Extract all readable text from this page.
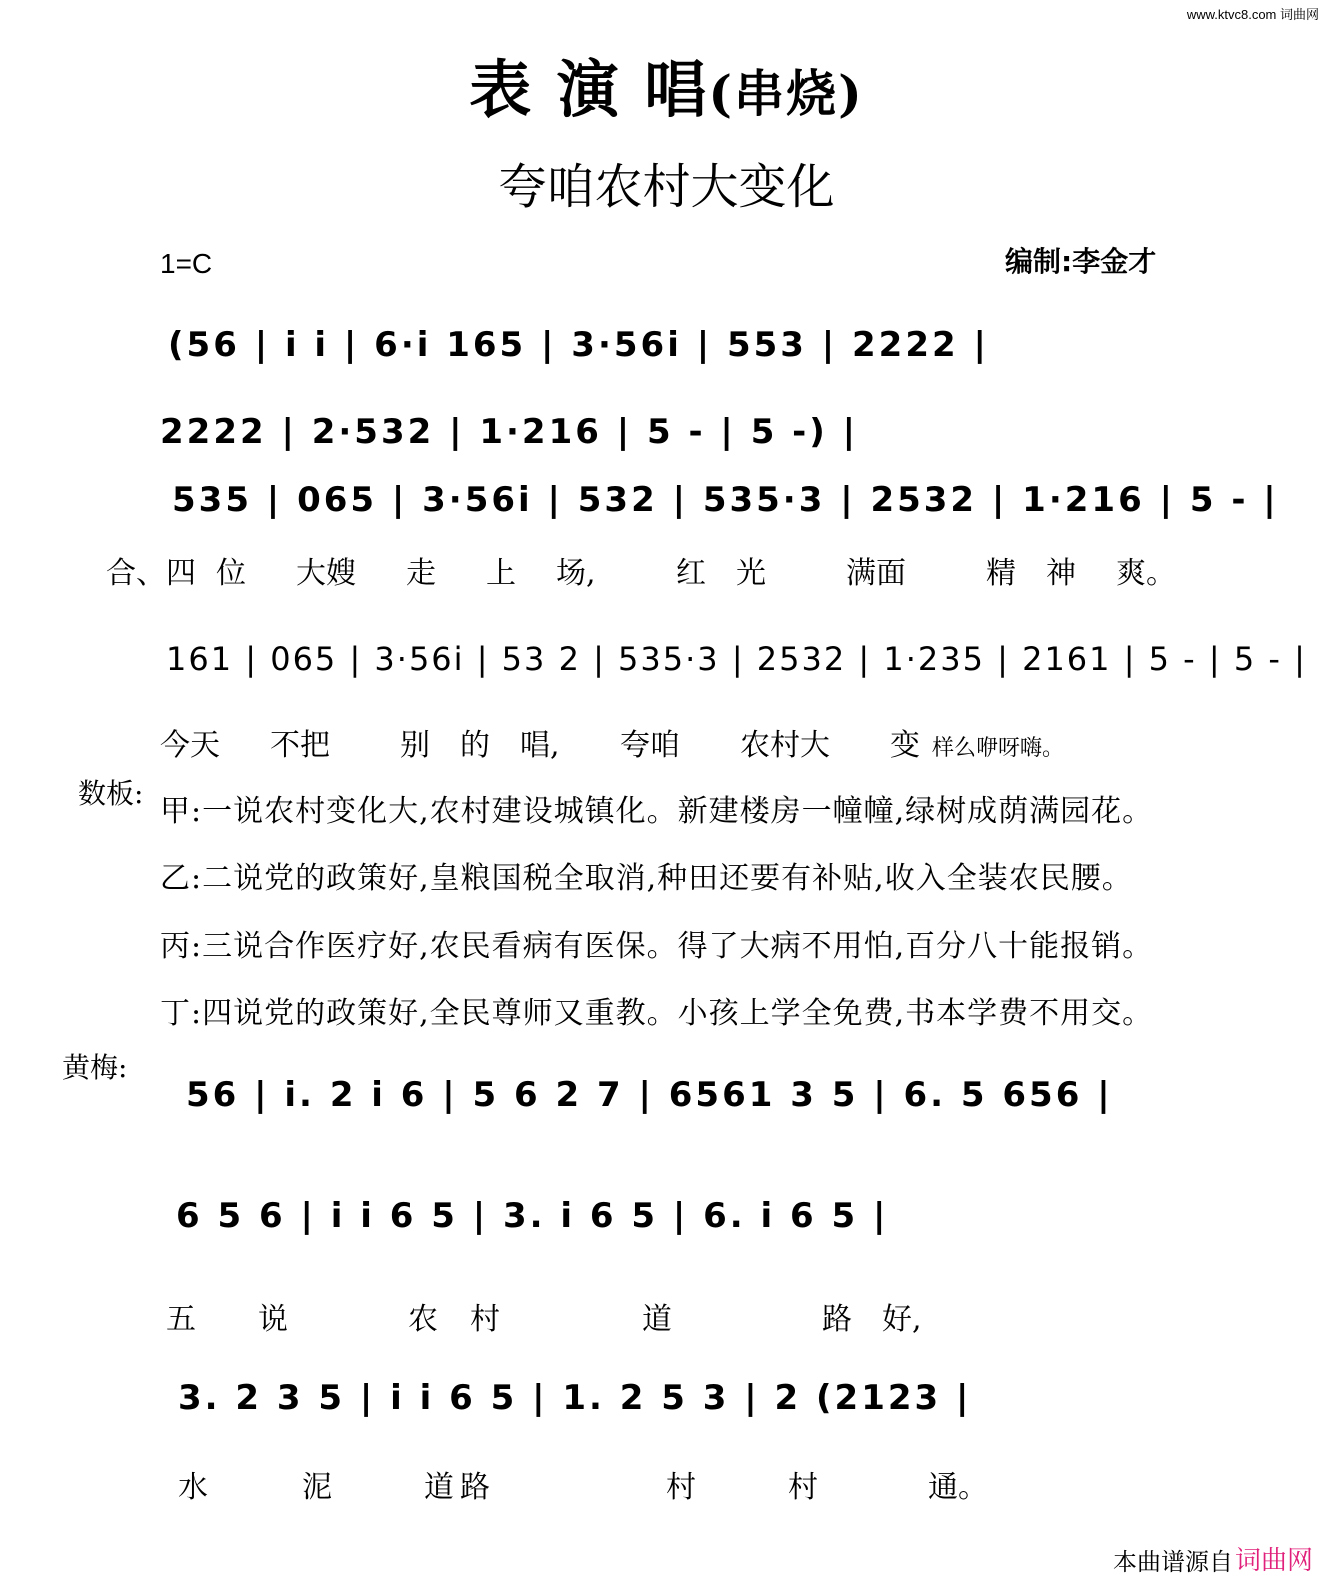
www.ktvc8.com 词曲网
表 演 唱(串烧)
夸咱农村大变化
1=C	编制:李金才
(56 | i i | 6·i 165 | 3·56i | 553 | 2222 |
2222 | 2·532 | 1·216 | 5 - | 5 -) |
535 | 065 | 3·56i | 532 | 535·3 | 2532 | 1·216 | 5 - |
合、四 位 大嫂 走 上 场,	红 光	满面	精 神 爽。
161 | 065 | 3·56i | 53 2 | 535·3 | 2532 | 1·235 | 2161 | 5 - | 5 - |
今天 不把 别 的 唱, 夸咱 农村大 变 样么咿呀嗨。
数板:
甲:一说农村变化大,农村建设城镇化。新建楼房一幢幢,绿树成荫满园花。
乙:二说党的政策好,皇粮国税全取消,种田还要有补贴,收入全装农民腰。
丙:三说合作医疗好,农民看病有医保。得了大病不用怕,百分八十能报销。
丁:四说党的政策好,全民尊师又重教。小孩上学全免费,书本学费不用交。
黄梅:
56 | i. 2 i 6 | 5 6 2 7 | 6561 3 5 | 6. 5 656 |
6 5 6 | i i 6 5 | 3. i 6 5 | 6. i 6 5 |
五 说	农 村	道	路 好,
3. 2 3 5 | i i 6 5 | 1. 2 5 3 | 2 (2123 |
水	泥	道 路	村	村	通。
本曲谱源自 词曲网
